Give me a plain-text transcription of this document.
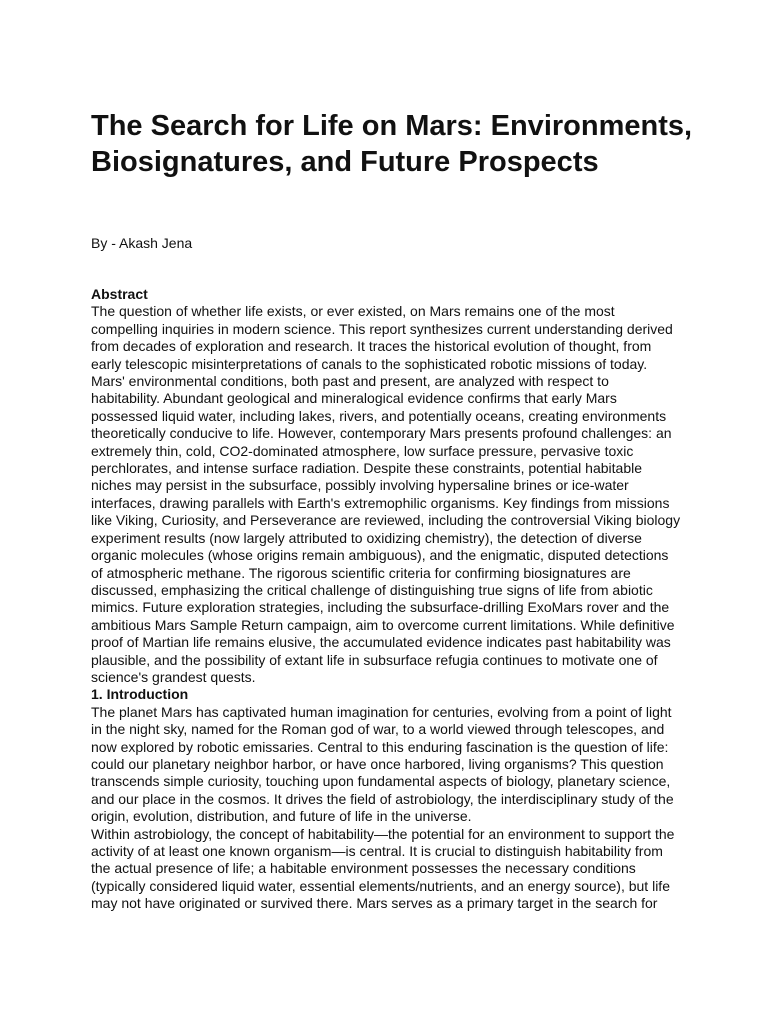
The Search for Life on Mars: Environments, Biosignatures, and Future Prospects

By - Akash Jena

Abstract

The question of whether life exists, or ever existed, on Mars remains one of the most compelling inquiries in modern science. This report synthesizes current understanding derived from decades of exploration and research. It traces the historical evolution of thought, from early telescopic misinterpretations of canals to the sophisticated robotic missions of today. Mars' environmental conditions, both past and present, are analyzed with respect to habitability. Abundant geological and mineralogical evidence confirms that early Mars possessed liquid water, including lakes, rivers, and potentially oceans, creating environments theoretically conducive to life. However, contemporary Mars presents profound challenges: an extremely thin, cold, CO2-dominated atmosphere, low surface pressure, pervasive toxic perchlorates, and intense surface radiation. Despite these constraints, potential habitable niches may persist in the subsurface, possibly involving hypersaline brines or ice-water interfaces, drawing parallels with Earth's extremophilic organisms. Key findings from missions like Viking, Curiosity, and Perseverance are reviewed, including the controversial Viking biology experiment results (now largely attributed to oxidizing chemistry), the detection of diverse organic molecules (whose origins remain ambiguous), and the enigmatic, disputed detections of atmospheric methane. The rigorous scientific criteria for confirming biosignatures are discussed, emphasizing the critical challenge of distinguishing true signs of life from abiotic mimics. Future exploration strategies, including the subsurface-drilling ExoMars rover and the ambitious Mars Sample Return campaign, aim to overcome current limitations. While definitive proof of Martian life remains elusive, the accumulated evidence indicates past habitability was plausible, and the possibility of extant life in subsurface refugia continues to motivate one of science's grandest quests.

1. Introduction

The planet Mars has captivated human imagination for centuries, evolving from a point of light in the night sky, named for the Roman god of war, to a world viewed through telescopes, and now explored by robotic emissaries. Central to this enduring fascination is the question of life: could our planetary neighbor harbor, or have once harbored, living organisms? This question transcends simple curiosity, touching upon fundamental aspects of biology, planetary science, and our place in the cosmos. It drives the field of astrobiology, the interdisciplinary study of the origin, evolution, distribution, and future of life in the universe.

Within astrobiology, the concept of habitability—the potential for an environment to support the activity of at least one known organism—is central. It is crucial to distinguish habitability from the actual presence of life; a habitable environment possesses the necessary conditions (typically considered liquid water, essential elements/nutrients, and an energy source), but life may not have originated or survived there. Mars serves as a primary target in the search for
